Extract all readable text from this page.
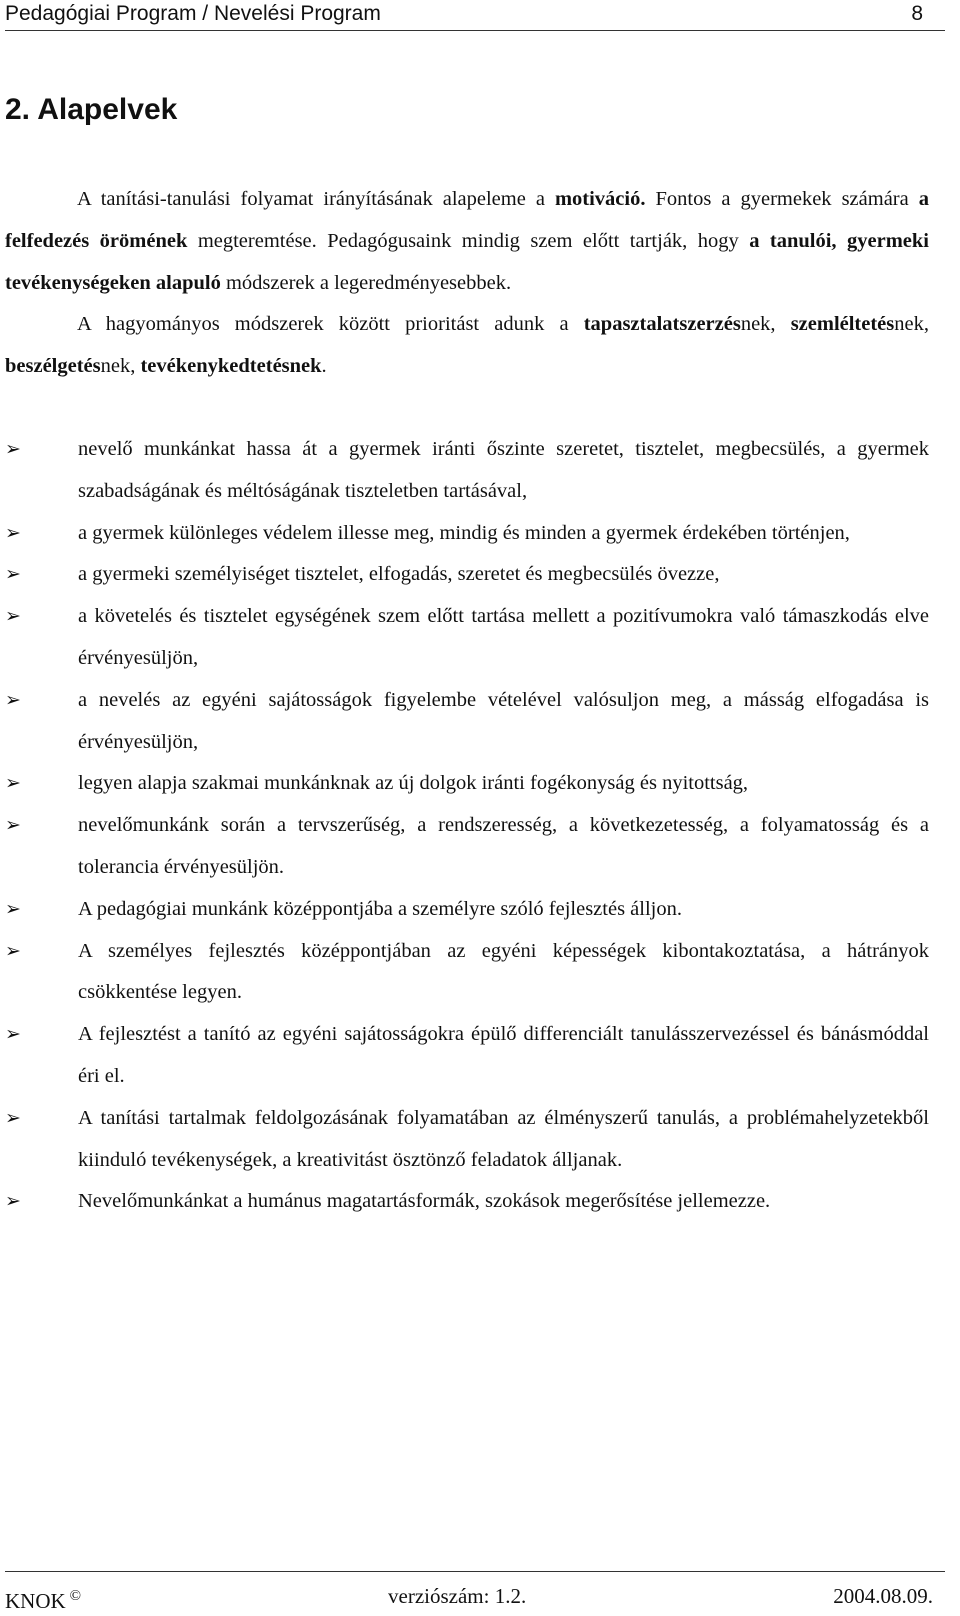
Pedagógiai Program / Nevelési Program	8
2. Alapelvek
A tanítási-tanulási folyamat irányításának alapeleme a motiváció. Fontos a gyermekek számára a felfedezés örömének megteremtése. Pedagógusaink mindig szem előtt tartják, hogy a tanulói, gyermeki tevékenységeken alapuló módszerek a legeredményesebbek.
A hagyományos módszerek között prioritást adunk a tapasztalatszerzésnek, szemléltetésnek, beszélgetésnek, tevékenykedtetésnek.
➢	nevelő munkánkat hassa át a gyermek iránti őszinte szeretet, tisztelet, megbecsülés, a gyermek szabadságának és méltóságának tiszteletben tartásával,
➢	a gyermek különleges védelem illesse meg, mindig és minden a gyermek érdekében történjen,
➢	a gyermeki személyiséget tisztelet, elfogadás, szeretet és megbecsülés övezze,
➢	a követelés és tisztelet egységének szem előtt tartása mellett a pozitívumokra való támaszkodás elve érvényesüljön,
➢	a nevelés az egyéni sajátosságok figyelembe vételével valósuljon meg, a másság elfogadása is érvényesüljön,
➢	legyen alapja szakmai munkánknak az új dolgok iránti fogékonyság és nyitottság,
➢	nevelőmunkánk során a tervszerűség, a rendszeresség, a következetesség, a folyamatosság és a tolerancia érvényesüljön.
➢	A pedagógiai munkánk középpontjába a személyre szóló fejlesztés álljon.
➢	A személyes fejlesztés középpontjában az egyéni képességek kibontakoztatása, a hátrányok csökkentése legyen.
➢	A fejlesztést a tanító az egyéni sajátosságokra épülő differenciált tanulásszervezéssel és bánásmóddal éri el.
➢	A tanítási tartalmak feldolgozásának folyamatában az élményszerű tanulás, a problémahelyzetekből kiinduló tevékenységek, a kreativitást ösztönző feladatok álljanak.
➢	Nevelőmunkánkat a humánus magatartásformák, szokások megerősítése jellemezze.
KNOK ©	verziószám: 1.2.	2004.08.09.
